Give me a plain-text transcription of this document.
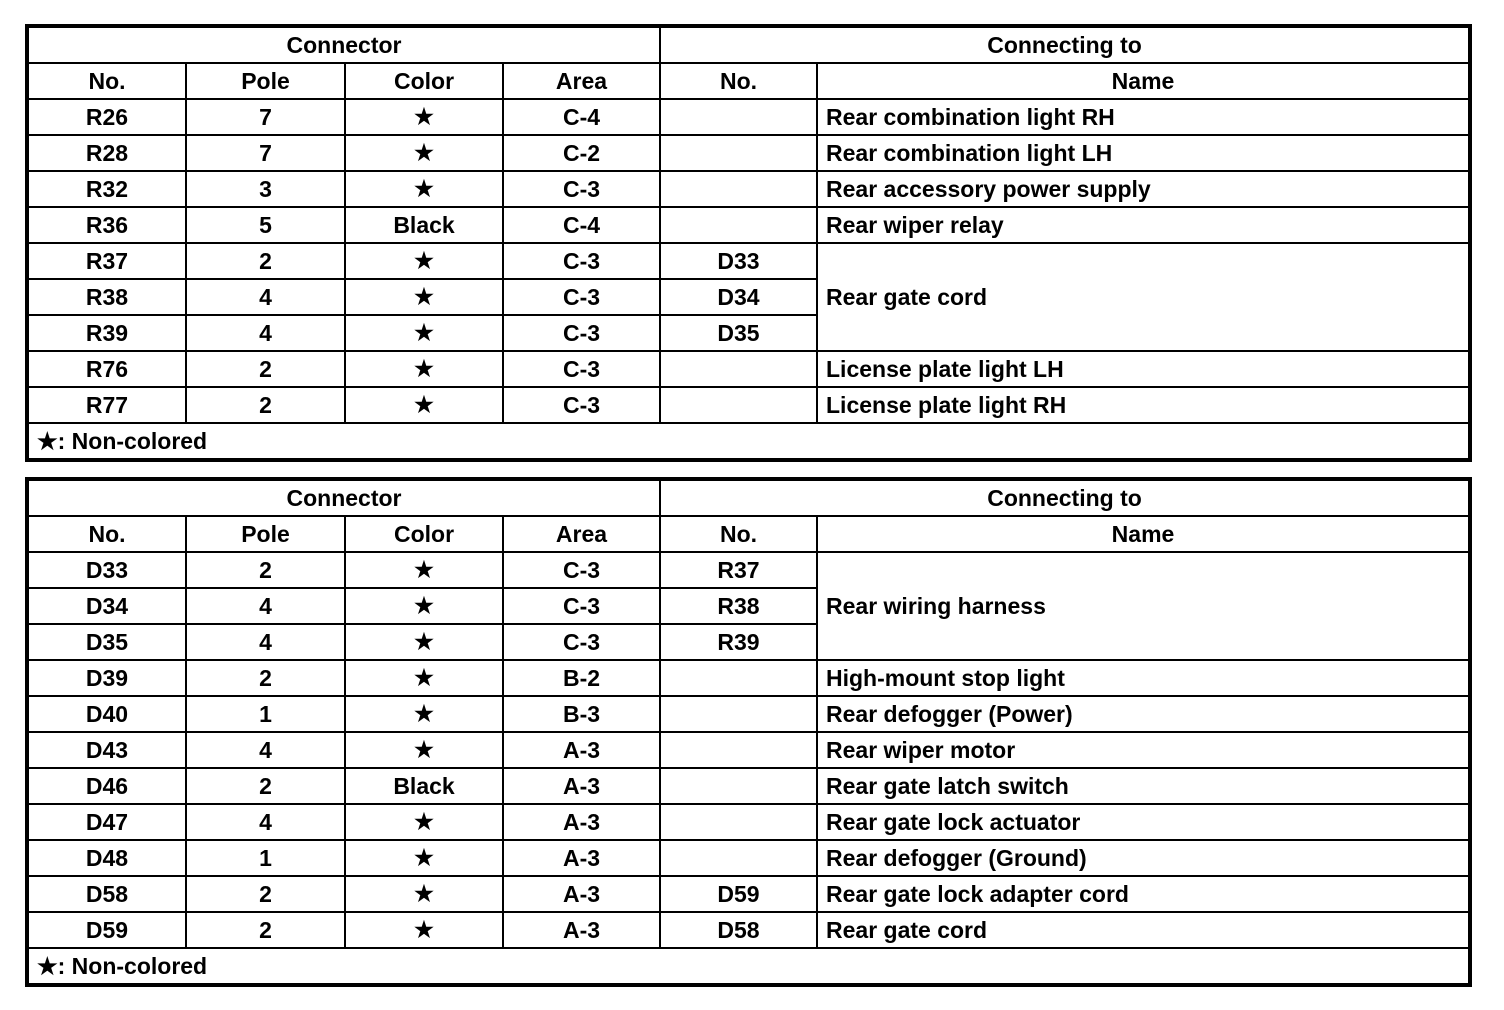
Connector				Connecting to	
No.	Pole	Color	Area	No.	Name
R26	7	★	C-4		Rear combination light RH
R28	7	★	C-2		Rear combination light LH
R32	3	★	C-3		Rear accessory power supply
R36	5	Black	C-4		Rear wiper relay
R37	2	★	C-3	D33	Rear gate cord
R38	4	★	C-3	D34	
R39	4	★	C-3	D35	
R76	2	★	C-3		License plate light LH
R77	2	★	C-3		License plate light RH
★: Non-colored					
Connector				Connecting to	
No.	Pole	Color	Area	No.	Name
D33	2	★	C-3	R37	Rear wiring harness
D34	4	★	C-3	R38	
D35	4	★	C-3	R39	
D39	2	★	B-2		High-mount stop light
D40	1	★	B-3		Rear defogger (Power)
D43	4	★	A-3		Rear wiper motor
D46	2	Black	A-3		Rear gate latch switch
D47	4	★	A-3		Rear gate lock actuator
D48	1	★	A-3		Rear defogger (Ground)
D58	2	★	A-3	D59	Rear gate lock adapter cord
D59	2	★	A-3	D58	Rear gate cord
★: Non-colored					
